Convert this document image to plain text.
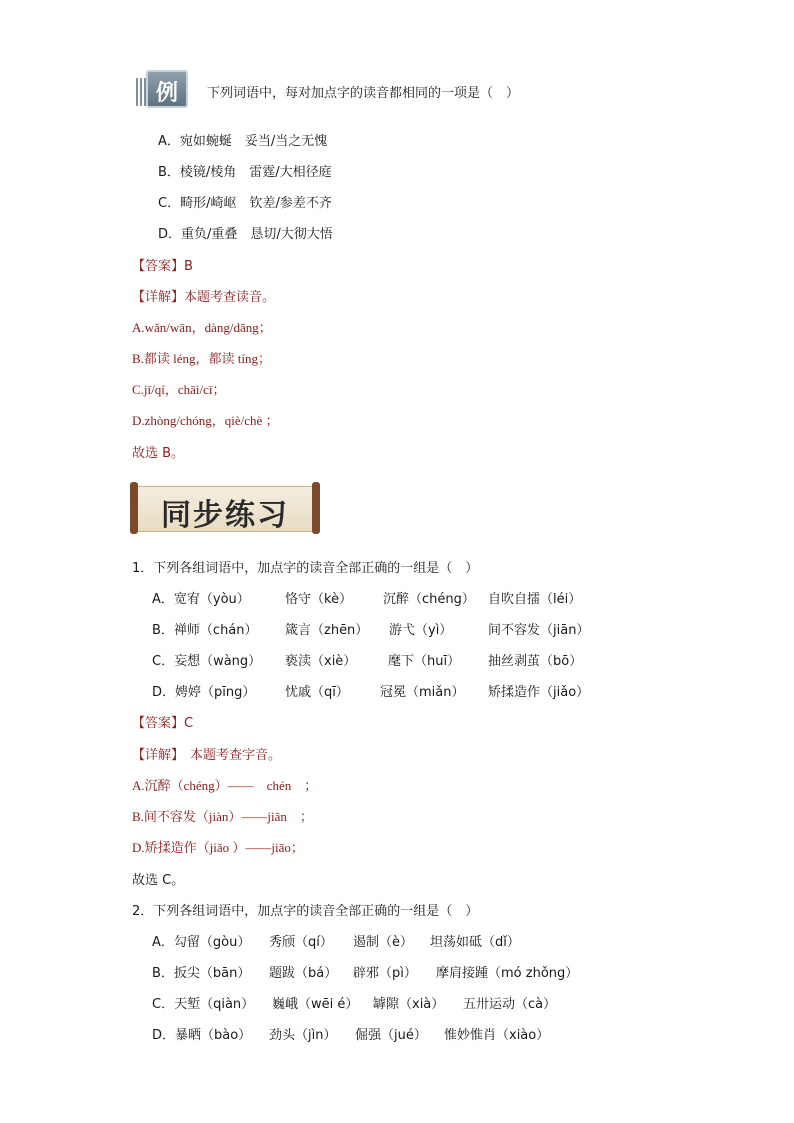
例	下列词语中，每对加点字的读音都相同的一项是（　）
A．宛如蜿蜒　妥当/当之无愧
B．棱镜/棱角　雷霆/大相径庭
C．畸形/崎岖　钦差/参差不齐
D．重负/重叠　恳切/大彻大悟
【答案】B
【详解】本题考查读音。
A.wǎn/wān，dàng/dāng；
B.都读 léng，都读 tíng；
C.jī/qí，chāi/cī；
D.zhòng/chóng，qiè/chè ；
故选 B。
同步练习
1．下列各组词语中，加点字的读音全部正确的一组是（　）
A．宽宥（yòu）	恪守（kè） 沉醉（chéng） 自吹自擂（léi）
B．禅师（chán） 箴言（zhēn） 游弋（yì）	间不容发（jiān）
C．妄想（wàng） 亵渎（xiè） 麾下（huī） 抽丝剥茧（bō）
D．娉婷（pīng） 忧戚（qī） 冠冕（miǎn） 矫揉造作（jiǎo）
【答案】C
【详解】 本题考查字音。
A.沉醉（chéng）——　chén　；
B.间不容发（jiàn）——jiān　；
D.矫揉造作（jiǎo ）——jiāo；
故选 C。
2．下列各组词语中，加点字的读音全部正确的一组是（　）
A．勾留（gòu） 秀颀（qí） 遏制（è） 坦荡如砥（dǐ）
B．扳尖（bān） 题跋（bá） 辟邪（pì） 摩肩接踵（mó zhǒng）
C．天堑（qiàn） 巍峨（wēi é） 罅隙（xià） 五卅运动（cà）
D．暴晒（bào） 劲头（jìn） 倔强（jué） 惟妙惟肖（xiào）
